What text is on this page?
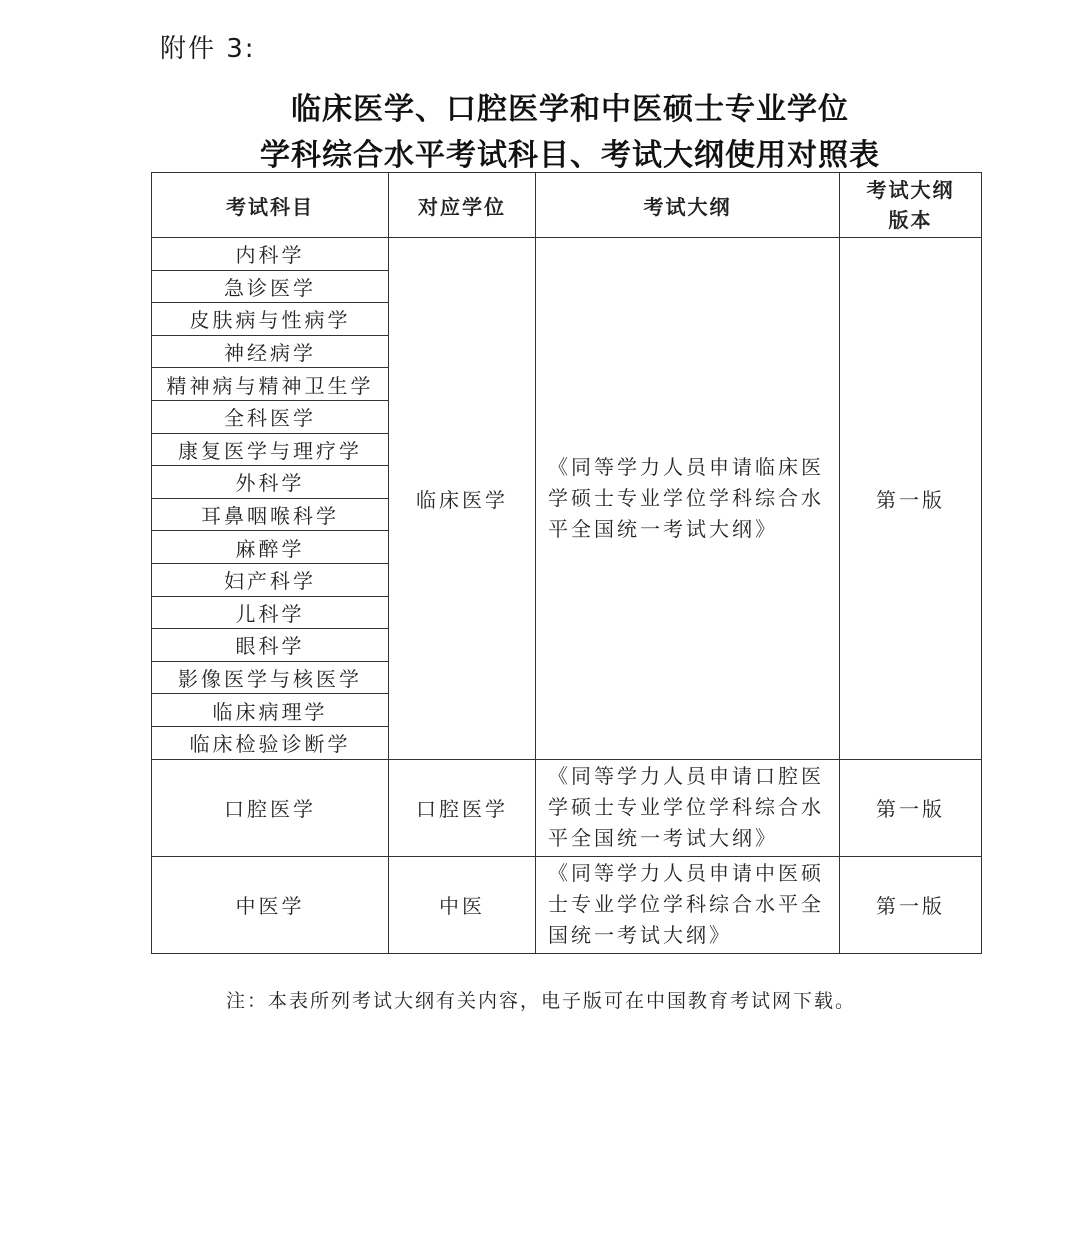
附件 3:
临床医学、口腔医学和中医硕士专业学位
学科综合水平考试科目、考试大纲使用对照表
考试科目	对应学位	考试大纲	考试大纲
版本

内科学	临床医学	《同等学力人员申请临床医学硕士专业学位学科综合水平全国统一考试大纲》	第一版
急诊医学			
皮肤病与性病学			
神经病学			
精神病与精神卫生学			
全科医学			
康复医学与理疗学			
外科学			
耳鼻咽喉科学			
麻醉学			
妇产科学			
儿科学			
眼科学			
影像医学与核医学			
临床病理学			
临床检验诊断学			
口腔医学	口腔医学	《同等学力人员申请口腔医学硕士专业学位学科综合水平全国统一考试大纲》	第一版
中医学	中医	《同等学力人员申请中医硕士专业学位学科综合水平全国统一考试大纲》	第一版
注：本表所列考试大纲有关内容，电子版可在中国教育考试网下载。
